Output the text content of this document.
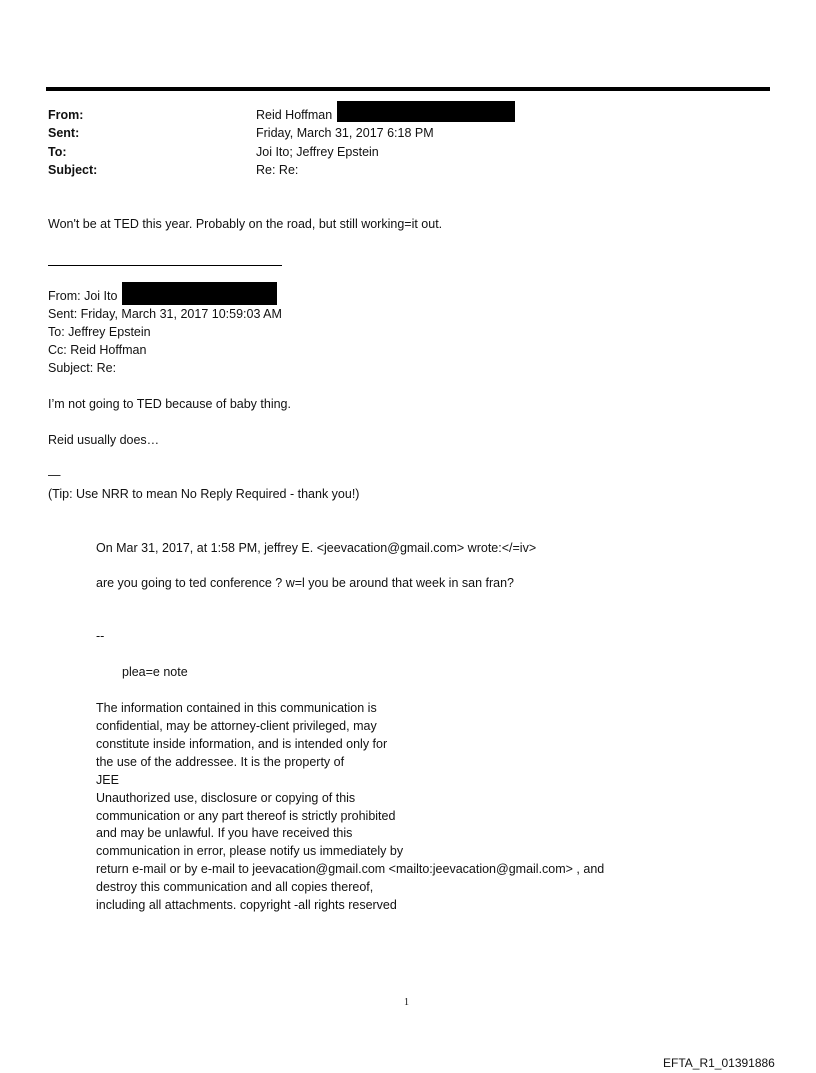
From:	Reid Hoffman
Sent:	Friday, March 31, 2017 6:18 PM
To:	Joi Ito; Jeffrey Epstein
Subject:	Re: Re:
Won't be at TED this year. Probably on the road, but still working=it out.
From: Joi Ito
Sent: Friday, March 31, 2017 10:59:03 AM
To: Jeffrey Epstein
Cc: Reid Hoffman
Subject: Re:
I’m not going to TED because of baby thing.
Reid usually does…
—
(Tip: Use NRR to mean No Reply Required - thank you!)
On Mar 31, 2017, at 1:58 PM, jeffrey E. <jeevacation@gmail.com> wrote:</=iv>
are you going to ted conference ? w=l you be around that week in san fran?
--
plea=e note
The information contained in this communication is
confidential, may be attorney-client privileged, may
constitute inside information, and is intended only for
the use of the addressee. It is the property of
JEE
Unauthorized use, disclosure or copying of this
communication or any part thereof is strictly prohibited
and may be unlawful. If you have received this
communication in error, please notify us immediately by
return e-mail or by e-mail to jeevacation@gmail.com <mailto:jeevacation@gmail.com> , and
destroy this communication and all copies thereof,
including all attachments. copyright -all rights reserved
1
EFTA_R1_01391886
